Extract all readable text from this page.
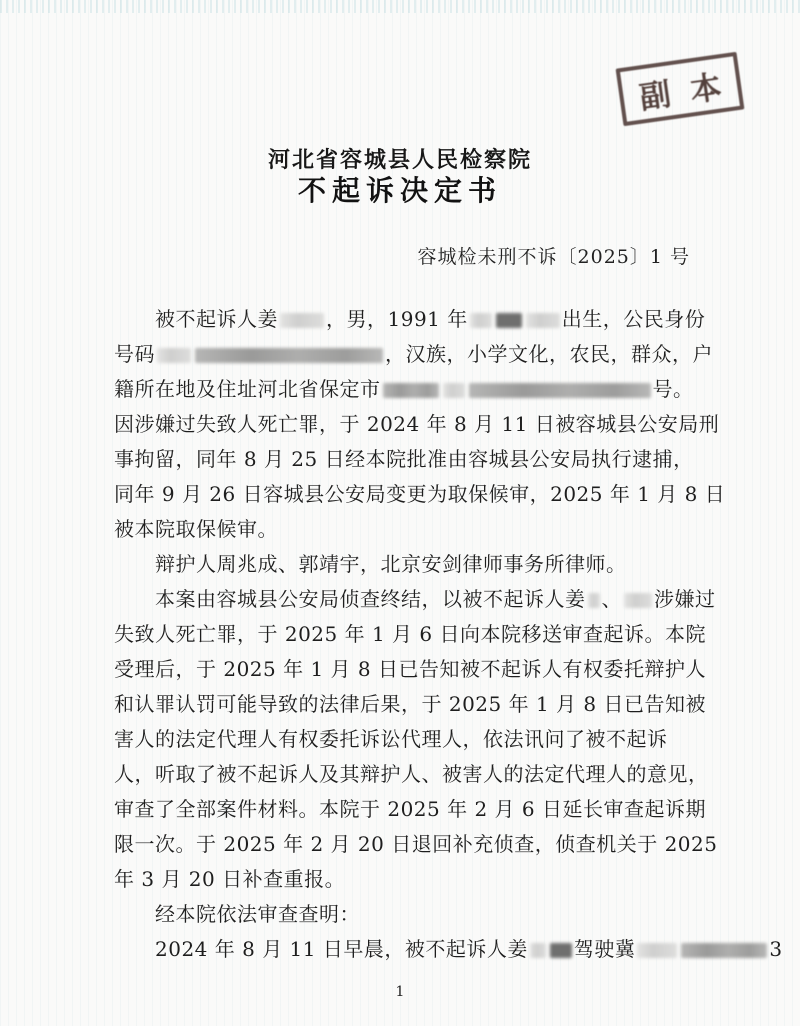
副本
河北省容城县人民检察院
不起诉决定书
容城检未刑不诉〔2025〕1 号
被不起诉人姜 ，男，1991 年	出生，公民身份
号码	，汉族，小学文化，农民，群众，户
籍所在地及住址河北省保定市	号。
因涉嫌过失致人死亡罪，于 2024 年 8 月 11 日被容城县公安局刑
事拘留，同年 8 月 25 日经本院批准由容城县公安局执行逮捕，
同年 9 月 26 日容城县公安局变更为取保候审，2025 年 1 月 8 日
被本院取保候审。
辩护人周兆成、郭靖宇，北京安剑律师事务所律师。
本案由容城县公安局侦查终结，以被不起诉人姜 、 涉嫌过
失致人死亡罪，于 2025 年 1 月 6 日向本院移送审查起诉。本院
受理后，于 2025 年 1 月 8 日已告知被不起诉人有权委托辩护人
和认罪认罚可能导致的法律后果，于 2025 年 1 月 8 日已告知被
害人的法定代理人有权委托诉讼代理人，依法讯问了被不起诉
人，听取了被不起诉人及其辩护人、被害人的法定代理人的意见，
审查了全部案件材料。本院于 2025 年 2 月 6 日延长审查起诉期
限一次。于 2025 年 2 月 20 日退回补充侦查，侦查机关于 2025
年 3 月 20 日补查重报。
经本院依法审查查明：
2024 年 8 月 11 日早晨，被不起诉人姜 驾驶冀	3
1
